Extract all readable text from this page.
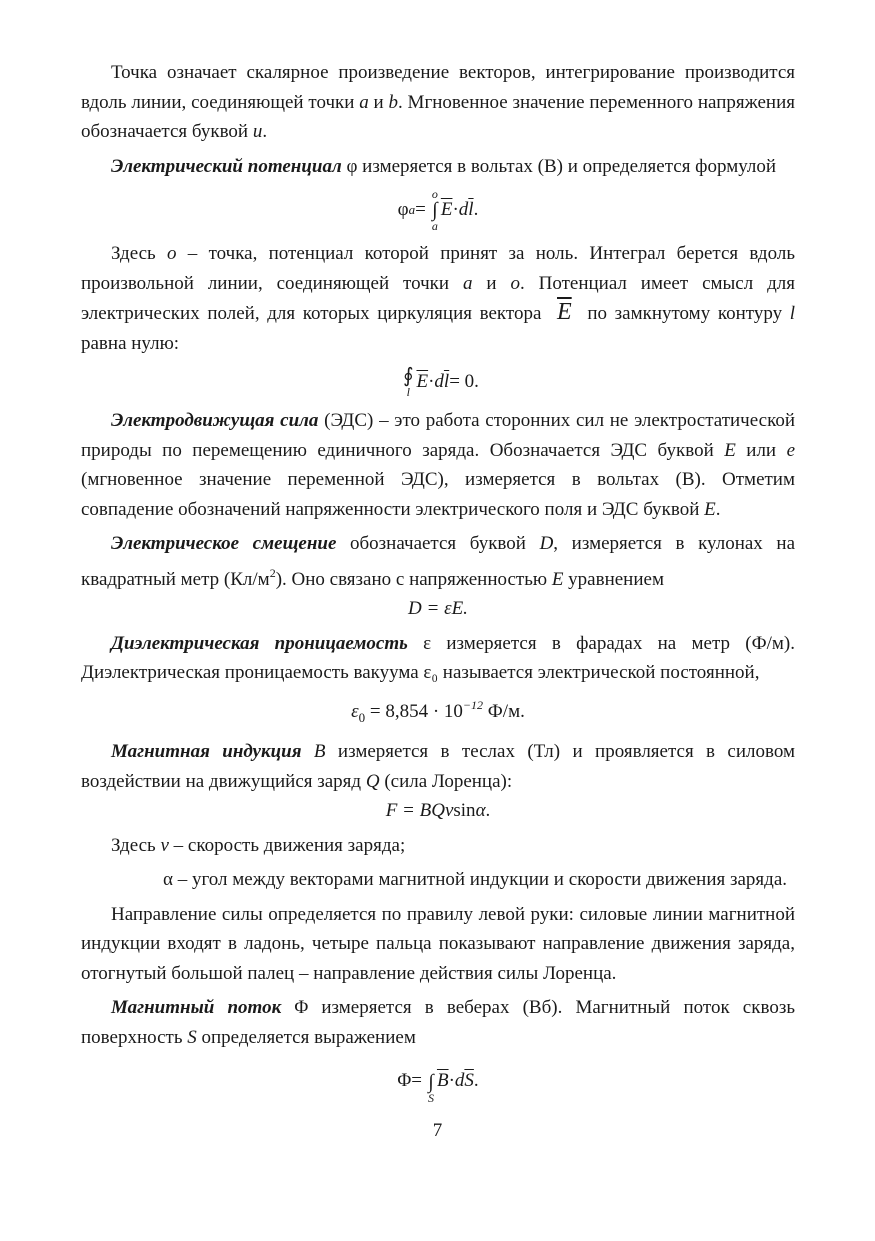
Точка означает скалярное произведение векторов, интегрирование производится вдоль линии, соединяющей точки a и b. Мгновенное значение переменного напряжения обозначается буквой u.

Электрический потенциал φ измеряется в вольтах (В) и определяется формулой

φ a =
o
∫
a
$\overline{E} \cdot d$ $\overline{l}$ .

Здесь o – точка, потенциал которой принят за ноль. Интеграл берется вдоль произвольной линии, соединяющей точки a и o. Потенциал имеет смысл для электрических полей, для которых циркуляция вектора $\overline{E}$ по замкнутому контуру l равна нулю:

∮
l $\overline{E} \cdot d$ $\overline{l} = 0$.

Электродвижущая сила (ЭДС) – это работа сторонних сил не электростатической природы по перемещению единичного заряда. Обозначается ЭДС буквой E или e (мгновенное значение переменной ЭДС), измеряется в вольтах (В). Отметим совпадение обозначений напряженности электрического поля и ЭДС буквой E.

Электрическое смещение обозначается буквой D, измеряется в кулонах на квадратный метр $(Кл/м^2)$. Оно связано с напряженностью E уравнением

D = εE.

Диэлектрическая проницаемость ε измеряется в фарадах на метр (Ф/м). Диэлектрическая проницаемость вакуума ε₀ называется электрической постоянной,

$\varepsilon_0 = 8,854 \cdot 10^{-12}$ Ф/м.

Магнитная индукция B измеряется в теслах (Тл) и проявляется в силовом воздействии на движущийся заряд Q (сила Лоренца):

F = BQvsinα.

Здесь v – скорость движения заряда;

α – угол между векторами магнитной индукции и скорости движения заряда.

Направление силы определяется по правилу левой руки: силовые линии магнитной индукции входят в ладонь, четыре пальца показывают направление движения заряда, отогнутый большой палец – направление действия силы Лоренца.

Магнитный поток Φ измеряется в веберах (Вб). Магнитный поток сквозь поверхность S определяется выражением

Φ = ∫
S
$\overline{B} \cdot d$ $\overline{S}$ .
7
